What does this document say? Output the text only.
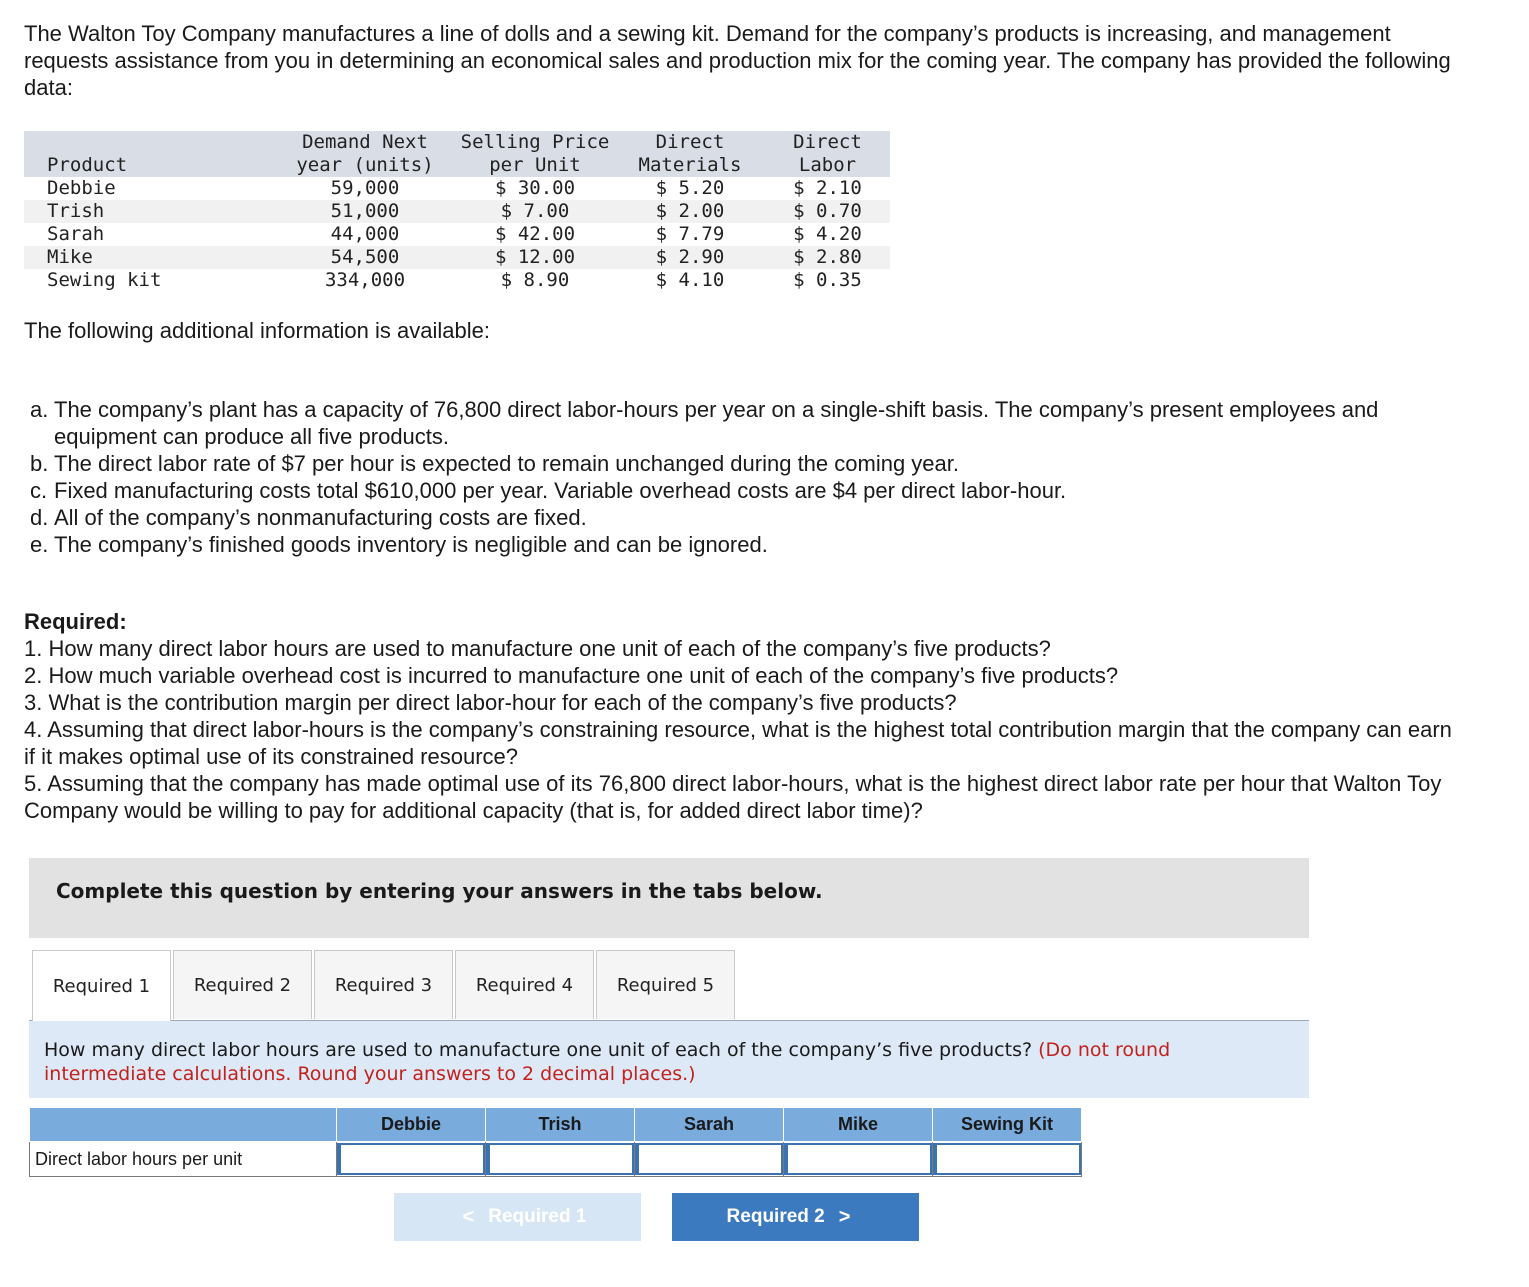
The Walton Toy Company manufactures a line of dolls and a sewing kit. Demand for the company’s products is increasing, and management requests assistance from you in determining an economical sales and production mix for the coming year. The company has provided the following data:

	Demand Next	Selling Price	Direct	Direct
Product	year (units)	per Unit	Materials	Labor
Debbie	59,000	$ 30.00	$ 5.20	$ 2.10
Trish	51,000	$ 7.00	$ 2.00	$ 0.70
Sarah	44,000	$ 42.00	$ 7.79	$ 4.20
Mike	54,500	$ 12.00	$ 2.90	$ 2.80
Sewing kit	334,000	$ 8.90	$ 4.10	$ 0.35
The following additional information is available:
a. The company’s plant has a capacity of 76,800 direct labor-hours per year on a single-shift basis. The company’s present employees and equipment can produce all five products.
b. The direct labor rate of $7 per hour is expected to remain unchanged during the coming year.
c. Fixed manufacturing costs total $610,000 per year. Variable overhead costs are $4 per direct labor-hour.
d. All of the company’s nonmanufacturing costs are fixed.
e. The company’s finished goods inventory is negligible and can be ignored.

Required:

1. How many direct labor hours are used to manufacture one unit of each of the company’s five products?

2. How much variable overhead cost is incurred to manufacture one unit of each of the company’s five products?

3. What is the contribution margin per direct labor-hour for each of the company’s five products?

4. Assuming that direct labor-hours is the company’s constraining resource, what is the highest total contribution margin that the company can earn if it makes optimal use of its constrained resource?

5. Assuming that the company has made optimal use of its 76,800 direct labor-hours, what is the highest direct labor rate per hour that Walton Toy Company would be willing to pay for additional capacity (that is, for added direct labor time)?

Complete this question by entering your answers in the tabs below.
Required 1	Required 2	Required 3	Required 4	Required 5
How many direct labor hours are used to manufacture one unit of each of the company’s five products? (Do not round intermediate calculations. Round your answers to 2 decimal places.)
	Debbie	Trish	Sarah	Mike	Sewing Kit
Direct labor hours per unit					
< Required 1	Required 2 >
